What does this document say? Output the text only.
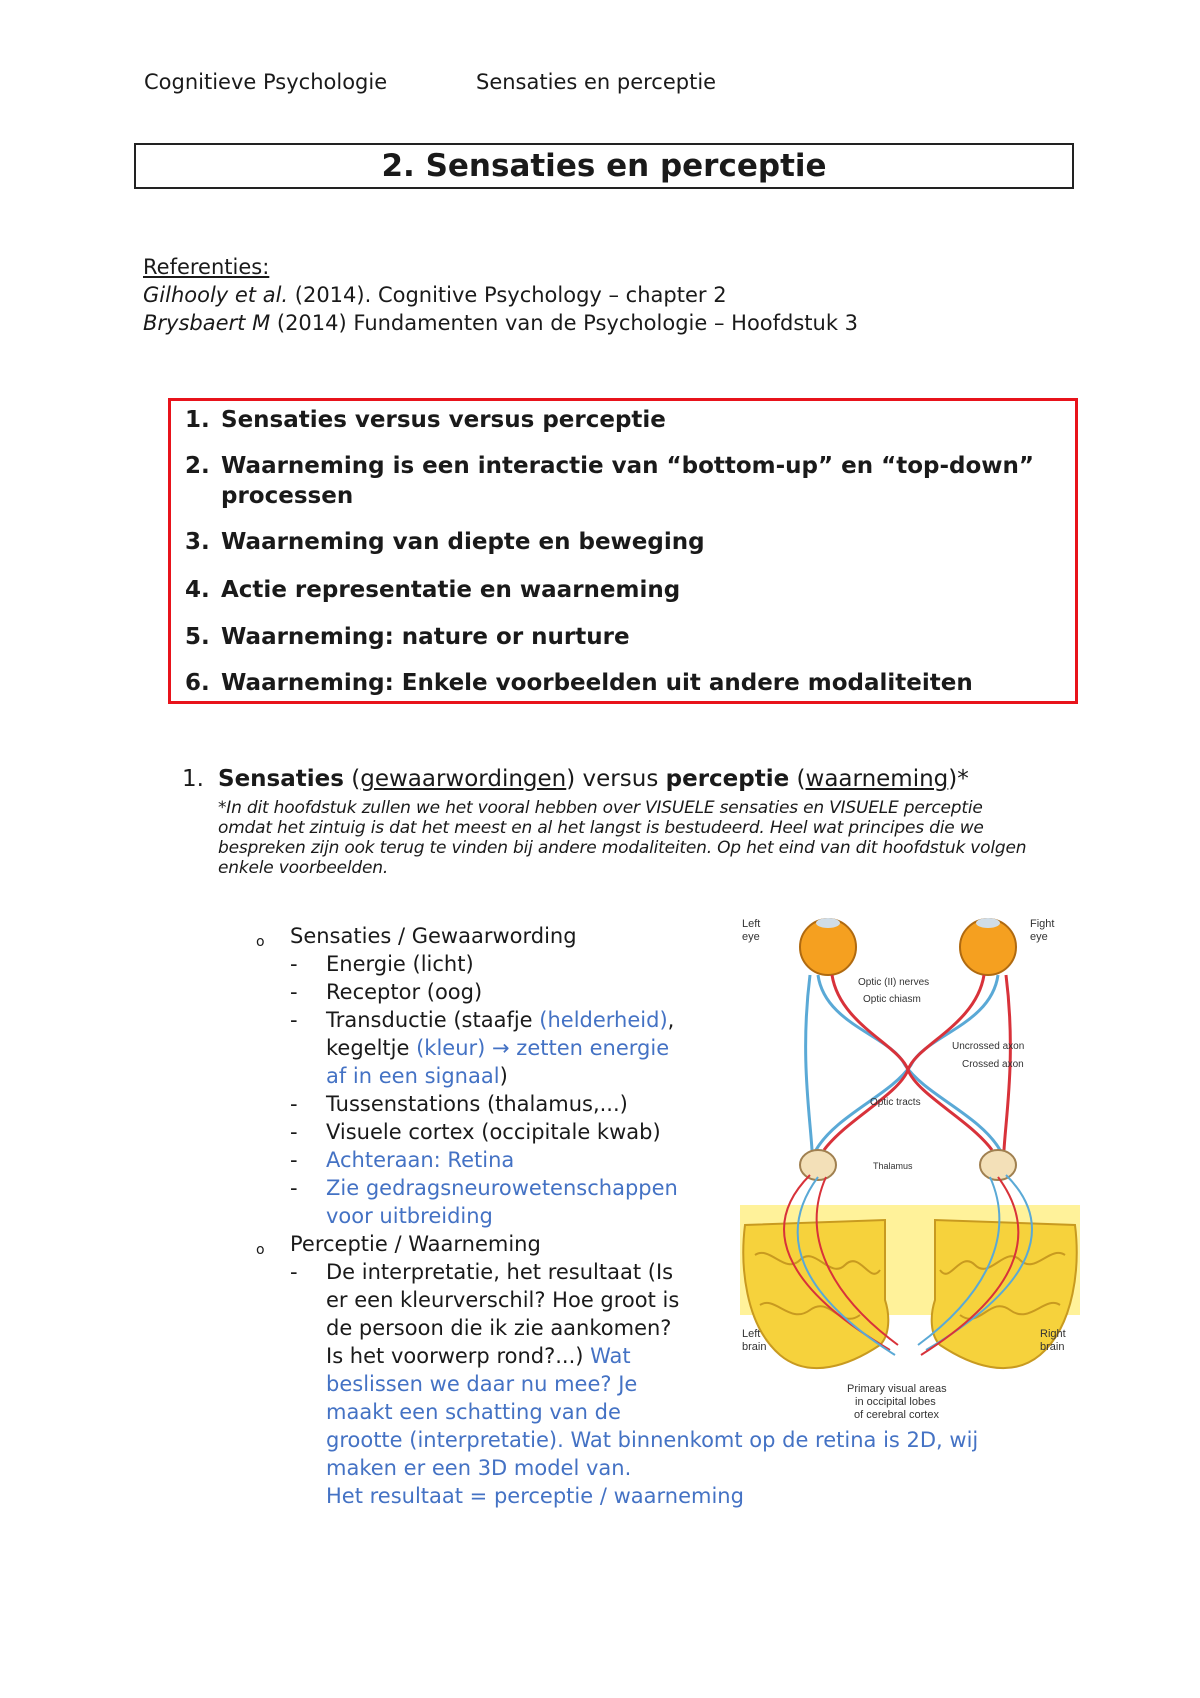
Cognitieve Psychologie	Sensaties en perceptie
2. Sensaties en perceptie
Referenties:
Gilhooly et al. (2014). Cognitive Psychology – chapter 2
Brysbaert M (2014) Fundamenten van de Psychologie – Hoofdstuk 3
1. Sensaties versus versus perceptie
2. Waarneming is een interactie van “bottom-up” en “top-down” processen
3. Waarneming van diepte en beweging
4. Actie representatie en waarneming
5. Waarneming: nature or nurture
6. Waarneming: Enkele voorbeelden uit andere modaliteiten
1. Sensaties (gewaarwordingen) versus perceptie (waarneming)*
*In dit hoofdstuk zullen we het vooral hebben over VISUELE sensaties en VISUELE perceptie
omdat het zintuig is dat het meest en al het langst is bestudeerd. Heel wat principes die we bespreken zijn ook terug te vinden bij andere modaliteiten. Op het eind van dit hoofdstuk volgen enkele voorbeelden.
o Sensaties / Gewaarwording
- Energie (licht)
- Receptor (oog)
- Transductie (staafje (helderheid),
kegeltje (kleur) → zetten energie
af in een signaal)
- Tussenstations (thalamus,...)
- Visuele cortex (occipitale kwab)
- Achteraan: Retina
- Zie gedragsneurowetenschappen
voor uitbreiding
o Perceptie / Waarneming
- De interpretatie, het resultaat (Is
er een kleurverschil? Hoe groot is
de persoon die ik zie aankomen?
Is het voorwerp rond?...) Wat
beslissen we daar nu mee? Je
maakt een schatting van de
grootte (interpretatie). Wat binnenkomt op de retina is 2D, wij
maken er een 3D model van.
Het resultaat = perceptie / waarneming
Left
eye
Fight
eye
Optic (II) nerves
Optic chiasm
Uncrossed axon
Crossed axon
Optic tracts
Thalamus
Left
brain
Right
brain
Primary visual areas
in occipital lobes
of cerebral cortex
